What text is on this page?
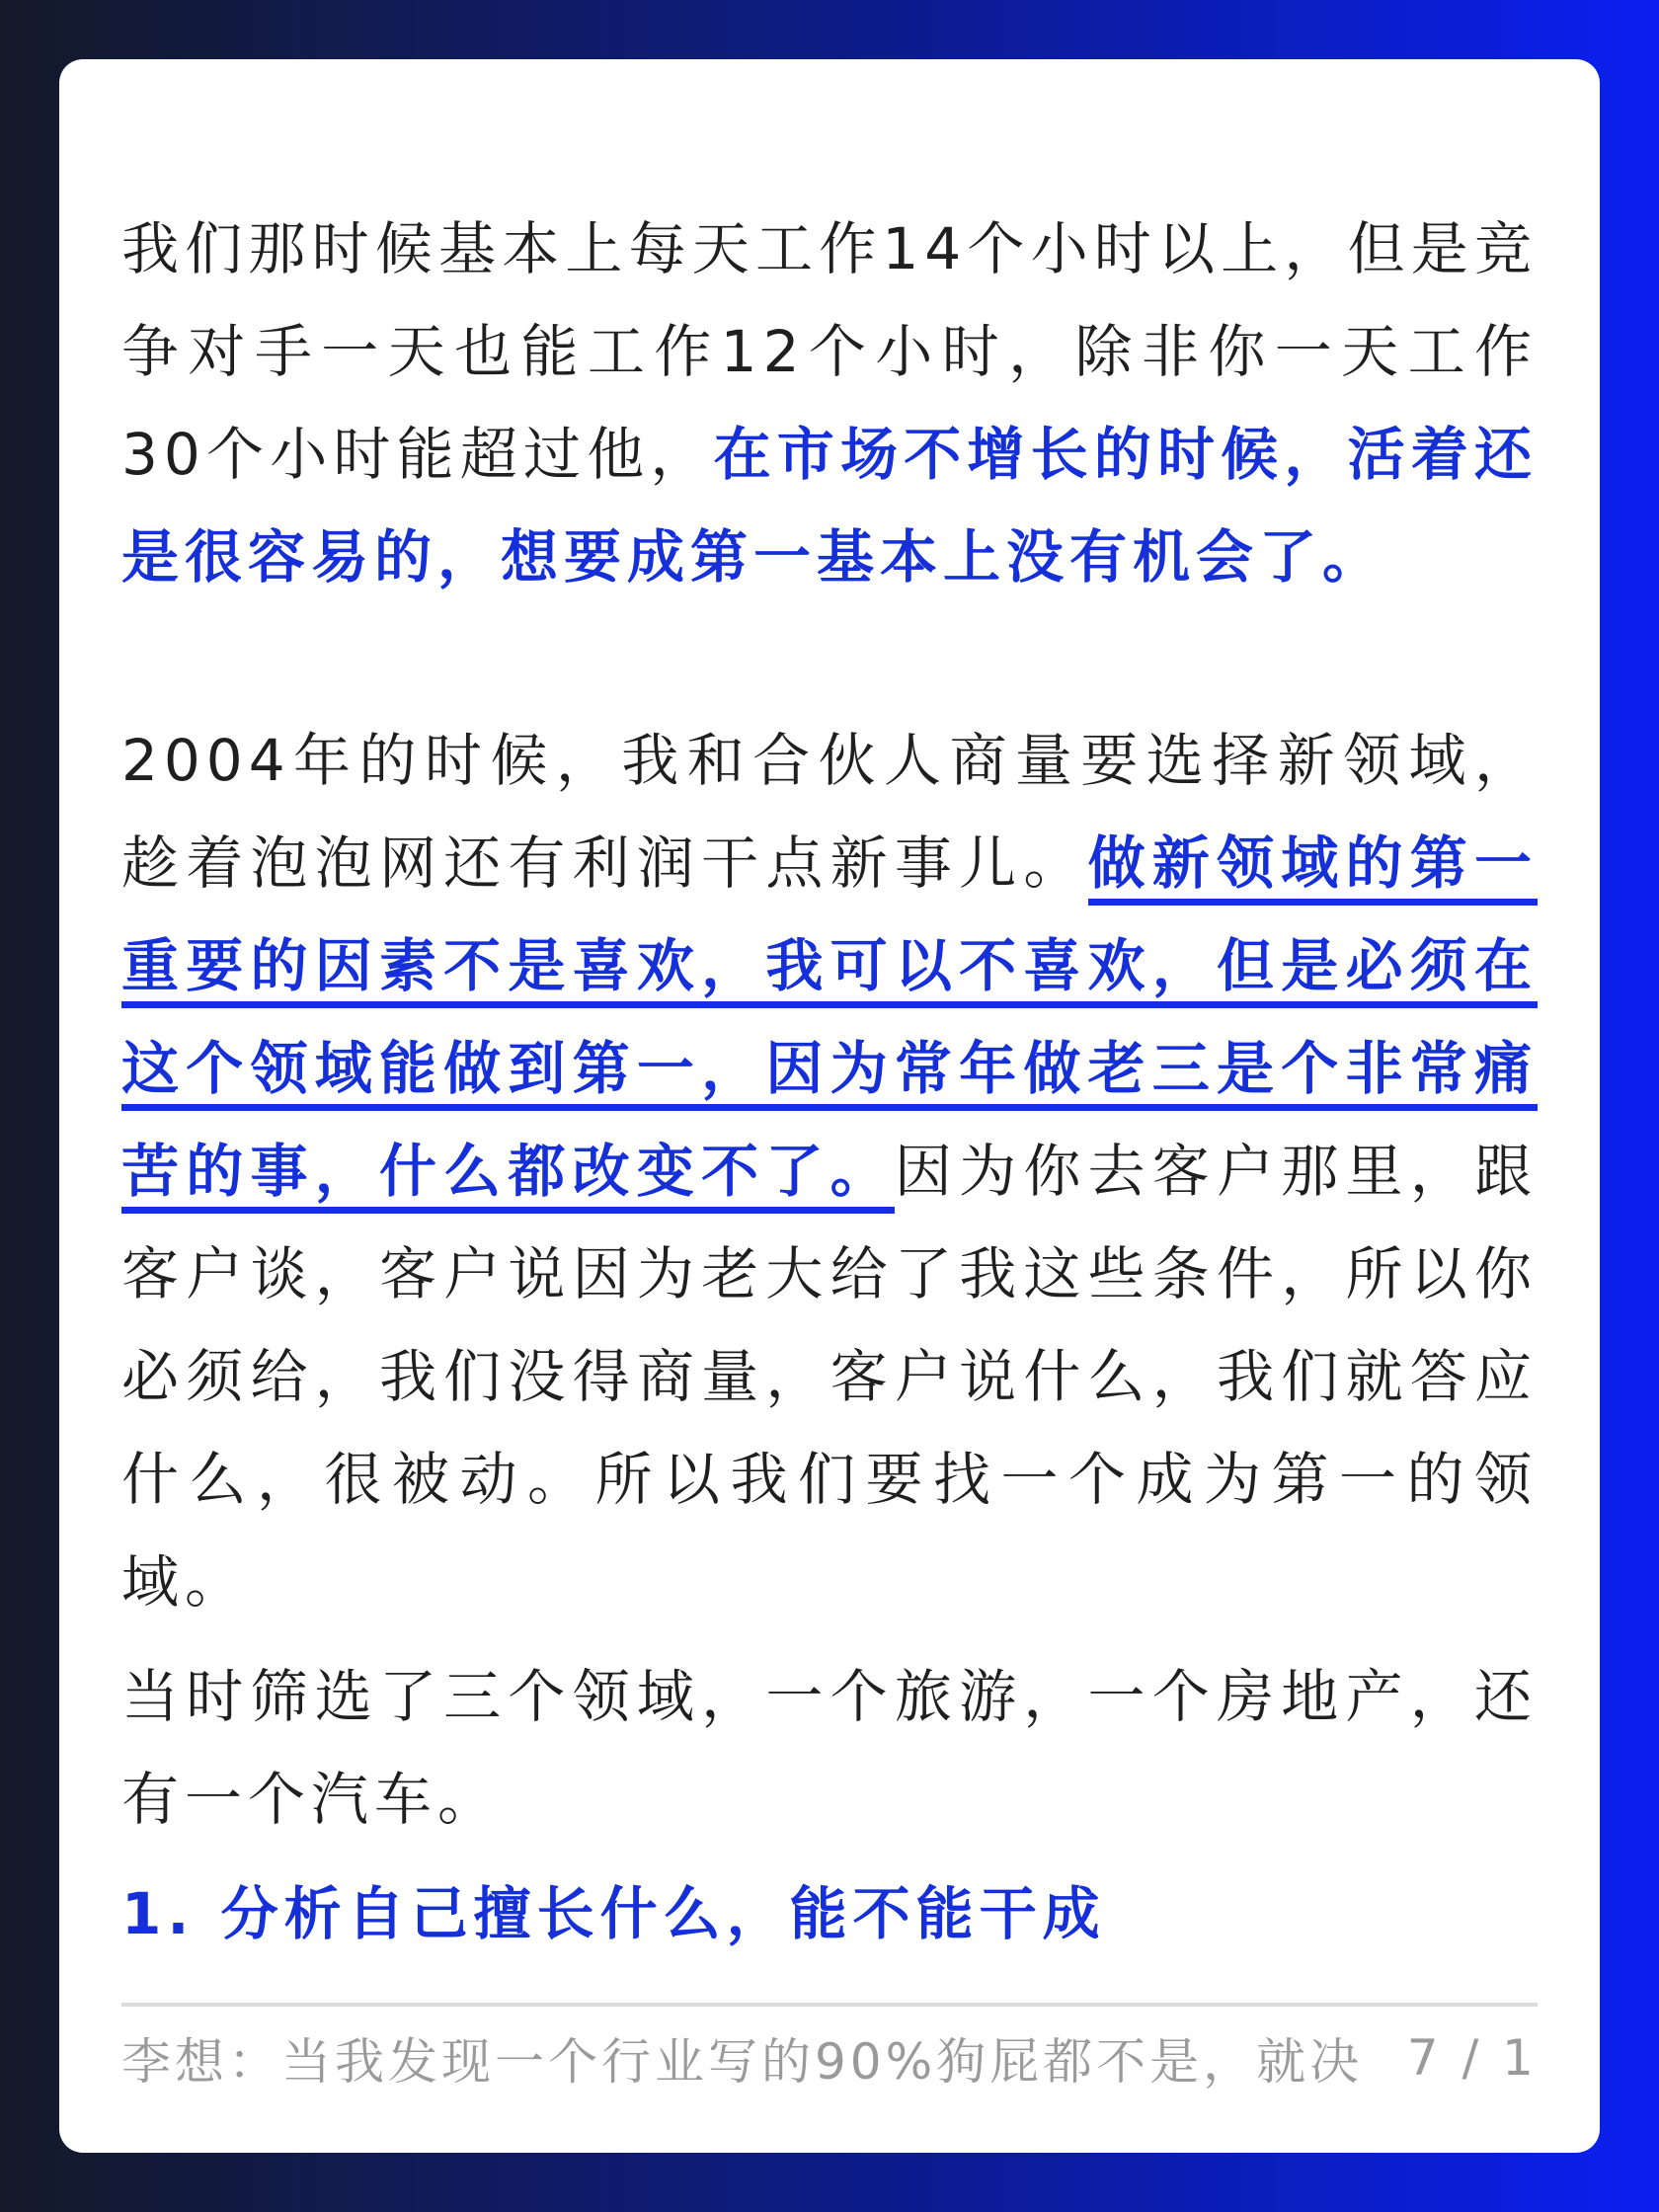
我们那时候基本上每天工作14个小时以上，但是竞争对手一天也能工作12个小时，除非你一天工作30个小时能超过他，在市场不增长的时候，活着还是很容易的，想要成第一基本上没有机会了。

2004年的时候，我和合伙人商量要选择新领域，趁着泡泡网还有利润干点新事儿。做新领域的第一重要的因素不是喜欢，我可以不喜欢，但是必须在这个领域能做到第一，因为常年做老三是个非常痛苦的事，什么都改变不了。因为你去客户那里，跟客户谈，客户说因为老大给了我这些条件，所以你必须给，我们没得商量，客户说什么，我们就答应什么，很被动。所以我们要找一个成为第一的领域。

当时筛选了三个领域，一个旅游，一个房地产，还有一个汽车。

1. 分析自己擅长什么，能不能干成

李想：当我发现一个行业写的90%狗屁都不是，就决 7 / 1
